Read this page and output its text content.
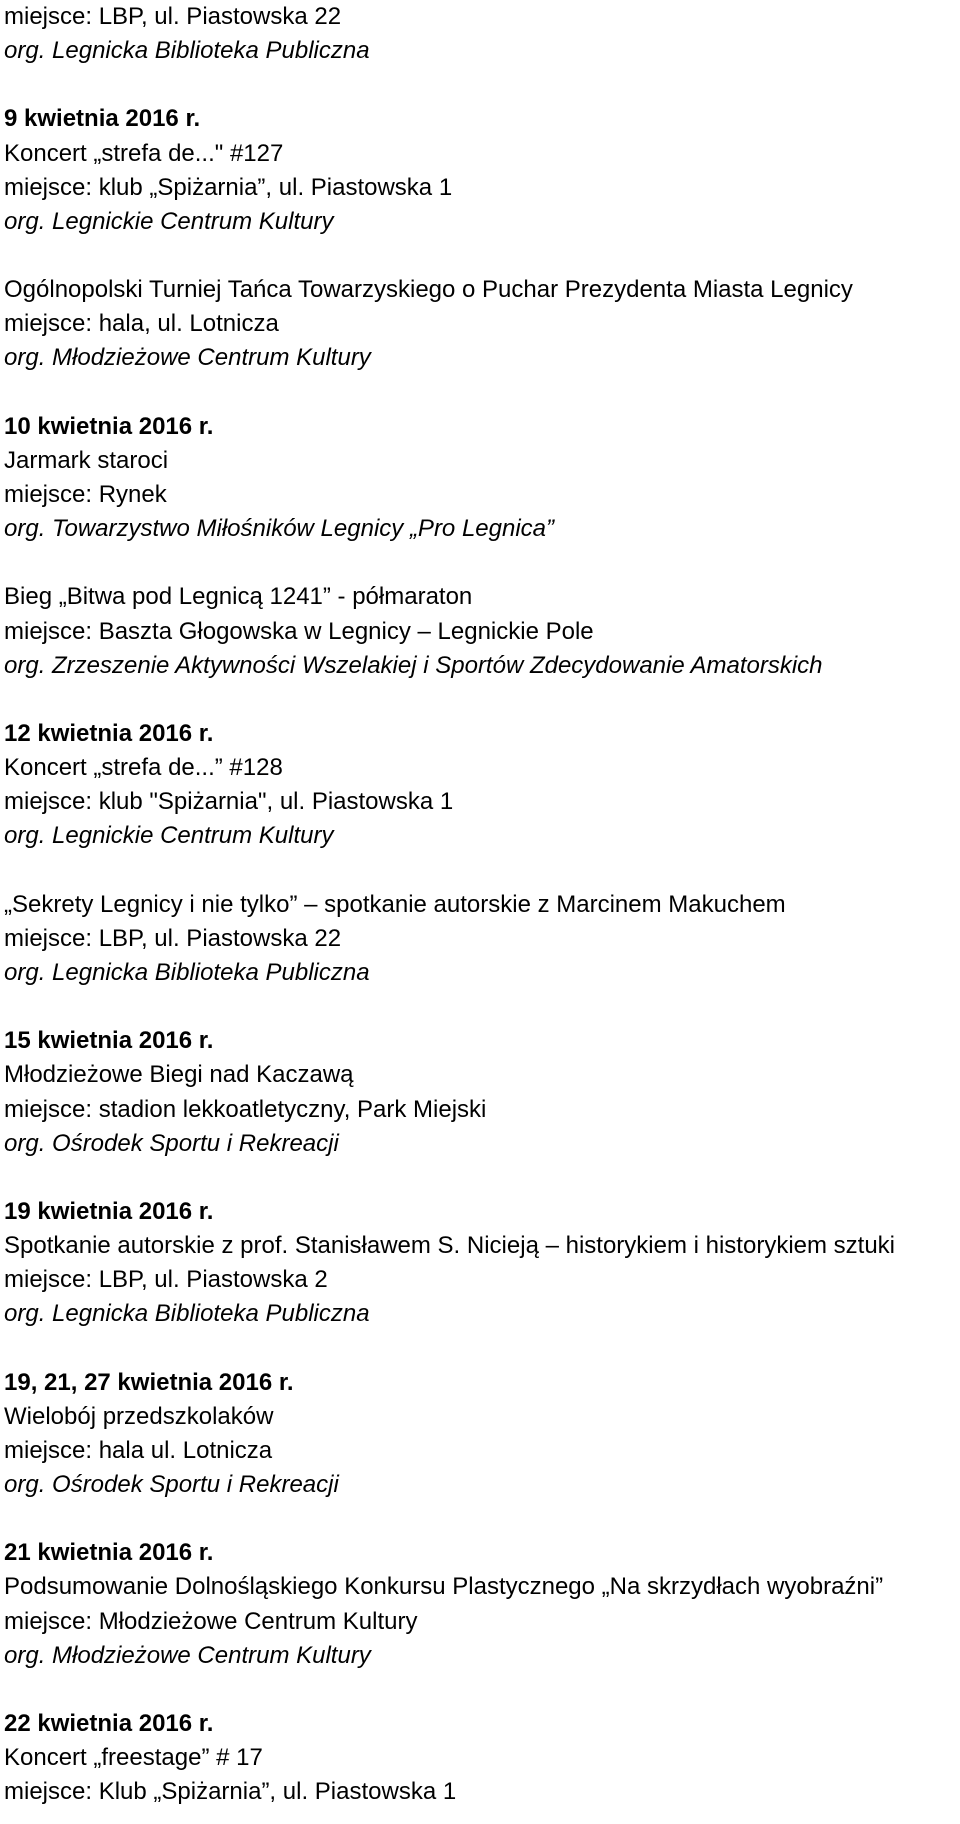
miejsce: LBP, ul. Piastowska 22
org. Legnicka Biblioteka Publiczna
9 kwietnia 2016 r.
Koncert „strefa de..." #127
miejsce: klub „Spiżarnia”, ul. Piastowska 1
org. Legnickie Centrum Kultury
Ogólnopolski Turniej Tańca Towarzyskiego o Puchar Prezydenta Miasta Legnicy
miejsce: hala, ul. Lotnicza
org. Młodzieżowe Centrum Kultury
10 kwietnia 2016 r.
Jarmark staroci
miejsce: Rynek
org. Towarzystwo Miłośników Legnicy „Pro Legnica”
Bieg „Bitwa pod Legnicą 1241” - półmaraton
miejsce: Baszta Głogowska w Legnicy – Legnickie Pole
org. Zrzeszenie Aktywności Wszelakiej i Sportów Zdecydowanie Amatorskich
12 kwietnia 2016 r.
Koncert „strefa de...” #128
miejsce: klub "Spiżarnia", ul. Piastowska 1
org. Legnickie Centrum Kultury
„Sekrety Legnicy i nie tylko” – spotkanie autorskie z Marcinem Makuchem
miejsce: LBP, ul. Piastowska 22
org. Legnicka Biblioteka Publiczna
15 kwietnia 2016 r.
Młodzieżowe Biegi nad Kaczawą
miejsce: stadion lekkoatletyczny, Park Miejski
org. Ośrodek Sportu i Rekreacji
19 kwietnia 2016 r.
Spotkanie autorskie z prof. Stanisławem S. Nicieją – historykiem i historykiem sztuki
miejsce: LBP, ul. Piastowska 2
org. Legnicka Biblioteka Publiczna
19, 21, 27 kwietnia 2016 r.
Wielobój przedszkolaków
miejsce: hala ul. Lotnicza
org. Ośrodek Sportu i Rekreacji
21 kwietnia 2016 r.
Podsumowanie Dolnośląskiego Konkursu Plastycznego „Na skrzydłach wyobraźni”
miejsce: Młodzieżowe Centrum Kultury
org. Młodzieżowe Centrum Kultury
22 kwietnia 2016 r.
Koncert „freestage” # 17
miejsce: Klub „Spiżarnia”, ul. Piastowska 1
